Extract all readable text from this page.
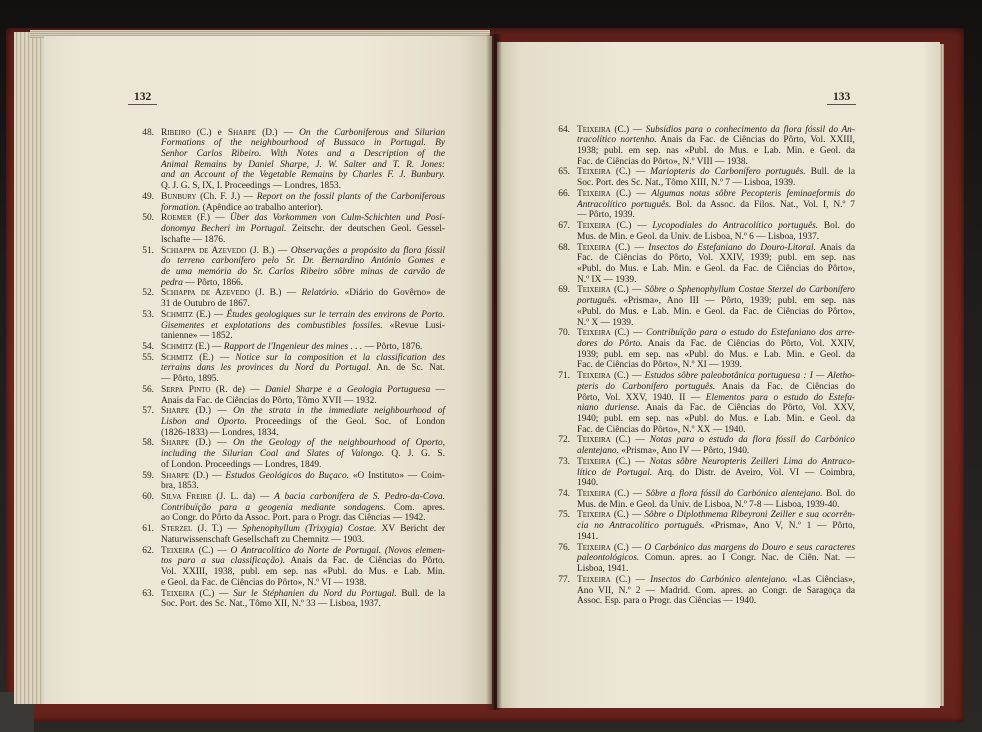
132
48. Ribeiro (C.) e Sharpe (D.) — On the Carboniferous and Silurian
Formations of the neighbourhood of Bussaco in Portugal. By
Senhor Carlos Ribeiro. With Notes and a Description of the
Animal Remains by Daniel Sharpe, J. W. Salter and T. R. Jones:
and an Account of the Vegetable Remains by Charles F. J. Bunbury.
Q. J. G. S, IX, I. Proceedings — Londres, 1853.
49. Bunbury (Ch. F. J.) — Report on the fossil plants of the Carboniferous
formation. (Apêndice ao trabalho anterior).
50. Roemer (F.) — Über das Vorkommen von Culm-Schichten und Posi-
donomya Becheri im Portugal. Zeitschr. der deutschen Geol. Gessel-
lschafte — 1876.
51. Schiappa de Azevedo (J. B.) — Observações a propósito da flora fóssil
do terreno carbonífero pelo Sr. Dr. Bernardino António Gomes e
de uma memória do Sr. Carlos Ribeiro sôbre minas de carvão de
pedra — Pôrto, 1866.
52. Schiappa de Azevedo (J. B.) — Relatório. «Diário do Govêrno» de
31 de Outubro de 1867.
53. Schmitz (E.) — Études geologiques sur le terrain des environs de Porto.
Gisementes et explotations des combustibles fossiles. «Revue Lusi-
tanienne» — 1852.
54. Schmitz (E.) — Rapport de l'Ingenieur des mines . . . — Pôrto, 1876.
55. Schmitz (E.) — Notice sur la composition et la classification des
terrains dans les provinces du Nord du Portugal. An. de Sc. Nat.
— Pôrto, 1895.
56. Serpa Pinto (R. de) — Daniel Sharpe e a Geologia Portuguesa —
Anais da Fac. de Ciências do Pôrto, Tômo XVII — 1932.
57. Sharpe (D.) — On the strata in the immediate neighbourhood of
Lisbon and Oporto. Proceedings of the Geol. Soc. of London
(1826-1833) — Londres, 1834.
58. Sharpe (D.) — On the Geology of the neighbourhood of Oporto,
including the Silurian Coal and Slates of Valongo. Q. J. G. S.
of London. Proceedings — Londres, 1849.
59. Sharpe (D.) — Estudos Geológicos do Buçaco. «O Instituto» — Coim-
bra, 1853.
60. Silva Freire (J. L. da) — A bacia carbonífera de S. Pedro-da-Cova.
Contribuïção para a geogenia mediante sondagens. Com. apres.
ao Congr. do Pôrto da Assoc. Port. para o Progr. das Ciências — 1942.
61. Sterzel (J. T.) — Sphenophyllum (Trixygia) Costae. XV Bericht der
Naturwissenschaft Gesellschaft zu Chemnitz — 1903.
62. Teixeira (C.) — O Antracolítico do Norte de Portugal. (Novos elemen-
tos para a sua classificação). Anais da Fac. de Ciências do Pôrto.
Vol. XXIII, 1938, publ. em sep. nas «Publ. do Mus. e Lab. Min.
e Geol. da Fac. de Ciências do Pôrto», N.º VI — 1938.
63. Teixeira (C.) — Sur le Stéphanien du Nord du Portugal. Bull. de la
Soc. Port. des Sc. Nat., Tômo XII, N.º 33 — Lisboa, 1937.
133
64. Teixeira (C.) — Subsídios para o conhecimento da flora fóssil do An-
tracolítico nortenho. Anais da Fac. de Ciências do Pôrto, Vol. XXIII,
1938; publ. em sep. nas «Publ. do Mus. e Lab. Min. e Geol. da
Fac. de Ciências do Pôrto», N.º VIII — 1938.
65. Teixeira (C.) — Mariopteris do Carbonífero português. Bull. de la
Soc. Port. des Sc. Nat., Tômo XIII, N.º 7 — Lisboa, 1939.
66. Teixeira (C.) — Algumas notas sôbre Pecopteris feminaeformis do
Antracolítico português. Bol. da Assoc. da Filos. Nat., Vol. I, N.º 7
— Pôrto, 1939.
67. Teixeira (C.) — Lycopodiales do Antracolítico português. Bol. do
Mus. de Min. e Geol. da Univ. de Lisboa, N.º 6 — Lisboa, 1937.
68. Teixeira (C.) — Insectos do Estefaniano do Douro-Litoral. Anais da
Fac. de Ciências do Pôrto, Vol. XXIV, 1939; publ. em sep. nas
«Publ. do Mus. e Lab. Min. e Geol. da Fac. de Ciências do Pôrto»,
N.º IX — 1939.
69. Teixeira (C.) — Sôbre o Sphenophyllum Costae Sterzel do Carbonífero
português. «Prisma», Ano III — Pôrto, 1939; publ. em sep. nas
«Publ. do Mus. e Lab. Min. e Geol. da Fac. de Ciências do Pôrto»,
N.º X — 1939.
70. Teixeira (C.) — Contribuïção para o estudo do Estefaniano dos arre-
dores do Pôrto. Anais da Fac. de Ciências do Pôrto, Vol. XXIV,
1939; publ. em sep. nas «Publ. do Mus. e Lab. Min. e Geol. da
Fac. de Ciências do Pôrto», N.º XI — 1939.
71. Teixeira (C.) — Estudos sôbre paleobotânica portuguesa : I — Aletho-
pteris do Carbonífero português. Anais da Fac. de Ciências do
Pôrto, Vol. XXV, 1940. II — Elementos para o estudo do Estefa-
niano duriense. Anais da Fac. de Ciências do Pôrto, Vol. XXV,
1940; publ. em sep. nas «Publ. do Mus. e Lab. Min. e Geol. da
Fac. de Ciências do Pôrto», N.º XX — 1940.
72. Teixeira (C.) — Notas para o estudo da flora fóssil do Carbónico
alentejano. «Prisma», Ano IV — Pôrto, 1940.
73. Teixeira (C.) — Notas sôbre Neuropteris Zeilleri Lima do Antraco-
lítico de Portugal. Arq. do Distr. de Aveiro, Vol. VI — Coimbra,
1940.
74. Teixeira (C.) — Sôbre a flora fóssil do Carbónico alentejano. Bol. do
Mus. de Min. e Geol. da Univ. de Lisboa, N.º 7-8 — Lisboa, 1939-40.
75. Teixeira (C.) — Sôbre o Diplothmema Ribeyroni Zeiller e sua ocorrên-
cia no Antracolítico português. «Prisma», Ano V, N.º 1 — Pôrto,
1941.
76. Teixeira (C.) — O Carbónico das margens do Douro e seus caracteres
paleontológicos. Comun. apres. ao I Congr. Nac. de Ciên. Nat. —
Lisboa, 1941.
77. Teixeira (C.) — Insectos do Carbónico alentejano. «Las Ciências»,
Ano VII, N.º 2 — Madrid. Com. apres. ao Congr. de Saragoça da
Assoc. Esp. para o Progr. das Ciências — 1940.
